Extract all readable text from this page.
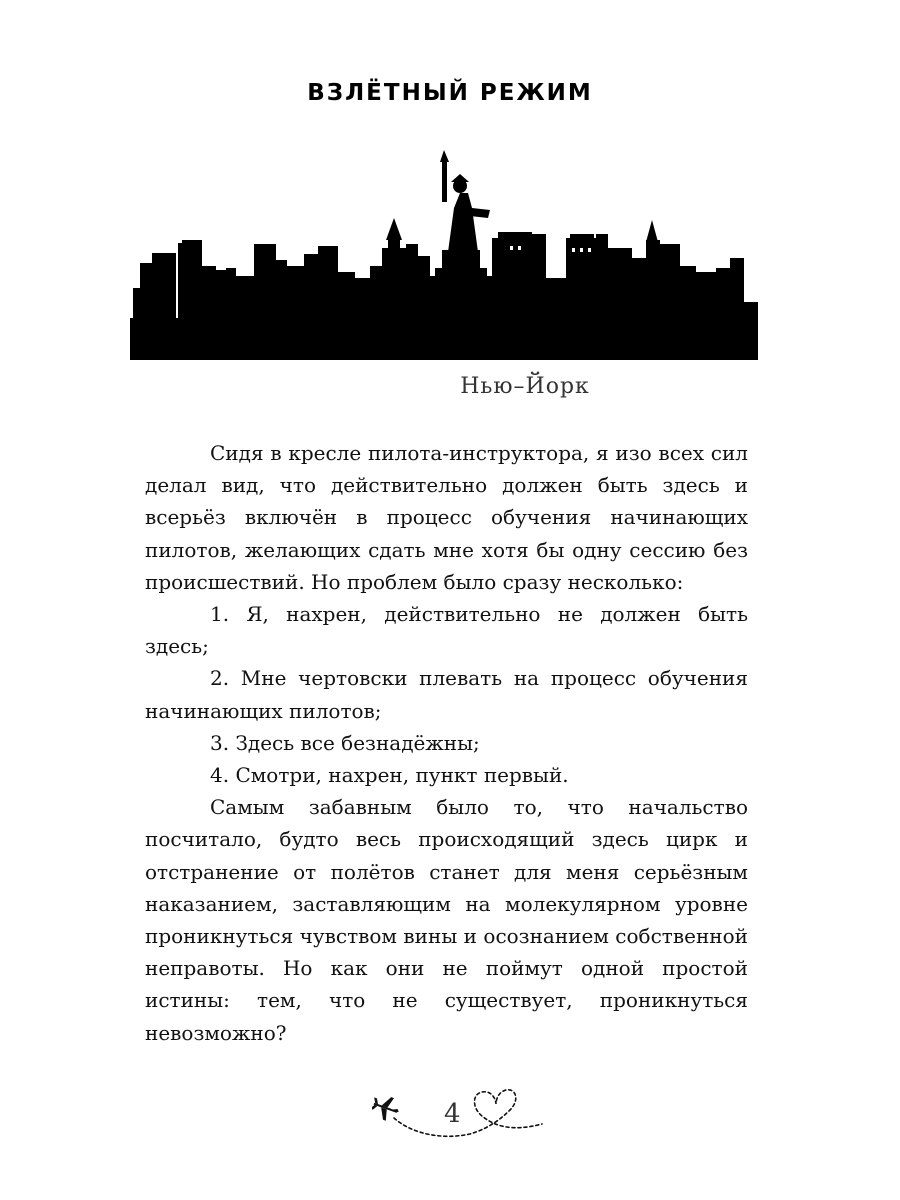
ВЗЛЁТНЫЙ РЕЖИМ
Нью–Йорк

Сидя в кресле пилота-инструктора, я изо всех сил делал вид, что действительно должен быть здесь и всерьёз включён в процесс обучения начинающих пилотов, желающих сдать мне хотя бы одну сессию без происшествий. Но проблем было сразу несколько:

1. Я, нахрен, действительно не должен быть здесь;

2. Мне чертовски плевать на процесс обучения начинающих пилотов;

3. Здесь все безнадёжны;

4. Смотри, нахрен, пункт первый.

Самым забавным было то, что начальство посчитало, будто весь происходящий здесь цирк и отстранение от полётов станет для меня серьёзным наказанием, заставляющим на молекулярном уровне проникнуться чувством вины и осознанием собственной неправоты. Но как они не поймут одной простой истины: тем, что не существует, проникнуться невозможно?

4
